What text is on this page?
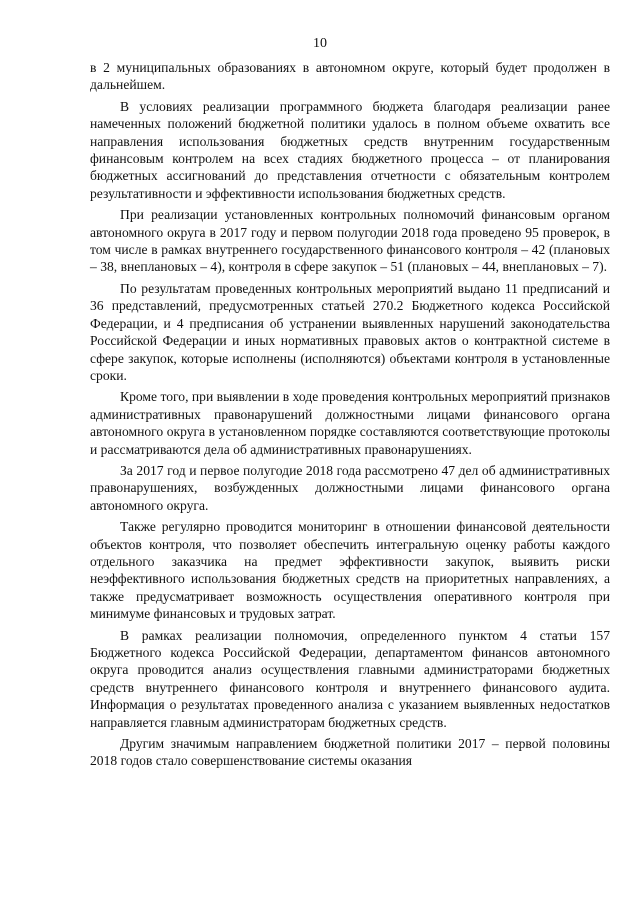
10

в 2 муниципальных образованиях в автономном округе, который будет продолжен в дальнейшем.

В условиях реализации программного бюджета благодаря реализации ранее намеченных положений бюджетной политики удалось в полном объеме охватить все направления использования бюджетных средств внутренним государственным финансовым контролем на всех стадиях бюджетного процесса – от планирования бюджетных ассигнований до представления отчетности с обязательным контролем результативности и эффективности использования бюджетных средств.

При реализации установленных контрольных полномочий финансовым органом автономного округа в 2017 году и первом полугодии 2018 года проведено 95 проверок, в том числе в рамках внутреннего государственного финансового контроля – 42 (плановых – 38, внеплановых – 4), контроля в сфере закупок – 51 (плановых – 44, внеплановых – 7).

По результатам проведенных контрольных мероприятий выдано 11 предписаний и 36 представлений, предусмотренных статьей 270.2 Бюджетного кодекса Российской Федерации, и 4 предписания об устранении выявленных нарушений законодательства Российской Федерации и иных нормативных правовых актов о контрактной системе в сфере закупок, которые исполнены (исполняются) объектами контроля в установленные сроки.

Кроме того, при выявлении в ходе проведения контрольных мероприятий признаков административных правонарушений должностными лицами финансового органа автономного округа в установленном порядке составляются соответствующие протоколы и рассматриваются дела об административных правонарушениях.

За 2017 год и первое полугодие 2018 года рассмотрено 47 дел об административных правонарушениях, возбужденных должностными лицами финансового органа автономного округа.

Также регулярно проводится мониторинг в отношении финансовой деятельности объектов контроля, что позволяет обеспечить интегральную оценку работы каждого отдельного заказчика на предмет эффективности закупок, выявить риски неэффективного использования бюджетных средств на приоритетных направлениях, а также предусматривает возможность осуществления оперативного контроля при минимуме финансовых и трудовых затрат.

В рамках реализации полномочия, определенного пунктом 4 статьи 157 Бюджетного кодекса Российской Федерации, департаментом финансов автономного округа проводится анализ осуществления главными администраторами бюджетных средств внутреннего финансового контроля и внутреннего финансового аудита. Информация о результатах проведенного анализа с указанием выявленных недостатков направляется главным администраторам бюджетных средств.

Другим значимым направлением бюджетной политики 2017 – первой половины 2018 годов стало совершенствование системы оказания
